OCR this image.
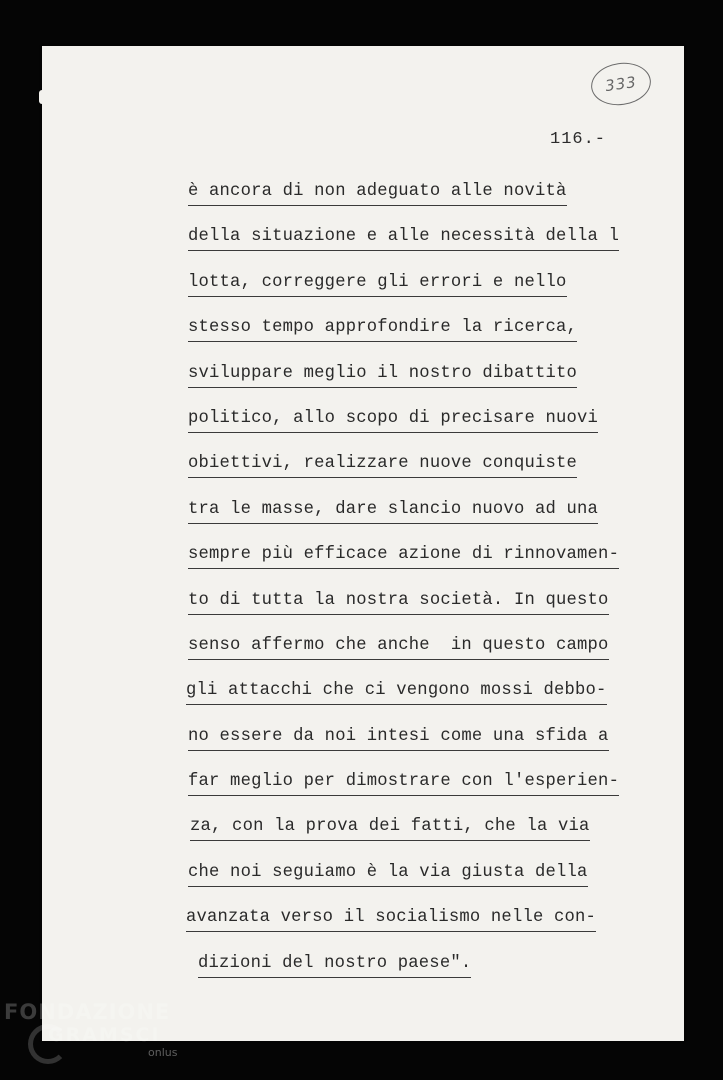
333
116.-
è ancora di non adeguato alle novità
della situazione e alle necessità della l
lotta, correggere gli errori e nello
stesso tempo approfondire la ricerca,
sviluppare meglio il nostro dibattito
politico, allo scopo di precisare nuovi
obiettivi, realizzare nuove conquiste
tra le masse, dare slancio nuovo ad una
sempre più efficace azione di rinnovamen-
to di tutta la nostra società. In questo
senso affermo che anche  in questo campo
gli attacchi che ci vengono mossi debbo-
no essere da noi intesi come una sfida a
far meglio per dimostrare con l'esperien-
za, con la prova dei fatti, che la via
che noi seguiamo è la via giusta della
avanzata verso il socialismo nelle con-
dizioni del nostro paese".
FONDAZIONE
GRAMSCI
onlus
